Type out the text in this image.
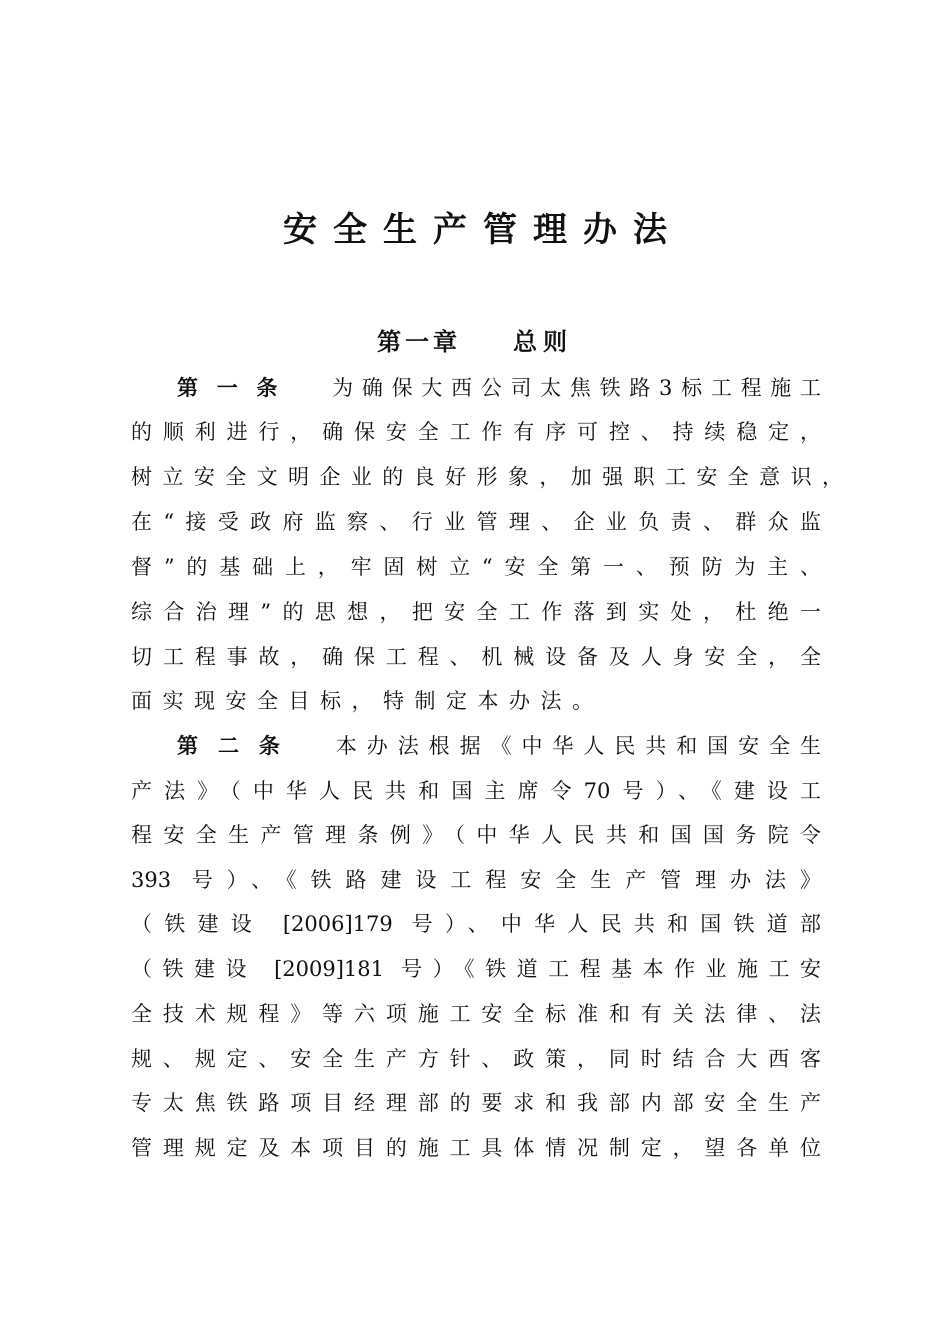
安全生产管理办法
第一章 总则
第一条 为确保大西公司太焦铁路3标工程施工
的顺利进行，确保安全工作有序可控、持续稳定，
树立安全文明企业的良好形象，加强职工安全意识，
在“接受政府监察、行业管理、企业负责、群众监
督”的基础上，牢固树立“安全第一、预防为主、
综合治理”的思想，把安全工作落到实处，杜绝一
切工程事故，确保工程、机械设备及人身安全，全
面实现安全目标，特制定本办法。
第二条 本办法根据《中华人民共和国安全生
产法》（中华人民共和国主席令70号）、《建设工
程安全生产管理条例》（中华人民共和国国务院令
393 号）、《铁路建设工程安全生产管理办法》
（铁建设 [2006]179 号）、中华人民共和国铁道部
（铁建设 [2009]181 号）《铁道工程基本作业施工安
全技术规程》等六项施工安全标准和有关法律、法
规、规定、安全生产方针、政策，同时结合大西客
专太焦铁路项目经理部的要求和我部内部安全生产
管理规定及本项目的施工具体情况制定，望各单位
